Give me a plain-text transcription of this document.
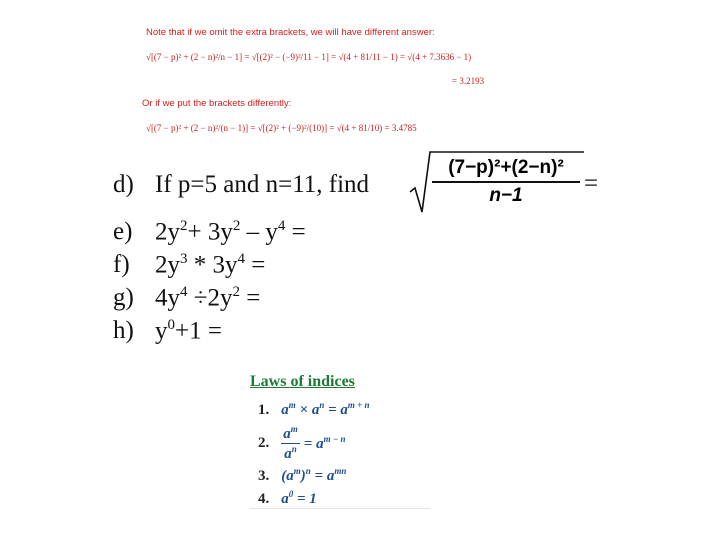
Note that if we omit the extra brackets, we will have different answer:
√[(7 − p)² + (2 − n)²/n − 1] = √[(2)² − (−9)²/11 − 1] = √(4 + 81/11 − 1) = √(4 + 7.3636 − 1)
= 3.2193
Or if we put the brackets differently:
√[(7 − p)² + (2 − n)²/(n − 1)] = √[(2)² + (−9)²/(10)] = √(4 + 81/10) = 3.4785
d) If p=5 and n=11, find	$\frac{\text{(7−p)²+(2−n)²}}{n-1}$ =
e) $2y^2+ 3y^2 - y^4$ =
f) $2y^3 * 3y^4$ =
g) $4y^4 \div 2y^2$ =
h) $y^0+1$ =
Laws of indices
1. $a^m \times a^n = a^{m + n}$
2. $\frac{a^m}{a^n} = a^{m - n}$
3. $(a^m)^n = a^{mn}$
4. $a^0 = 1$
